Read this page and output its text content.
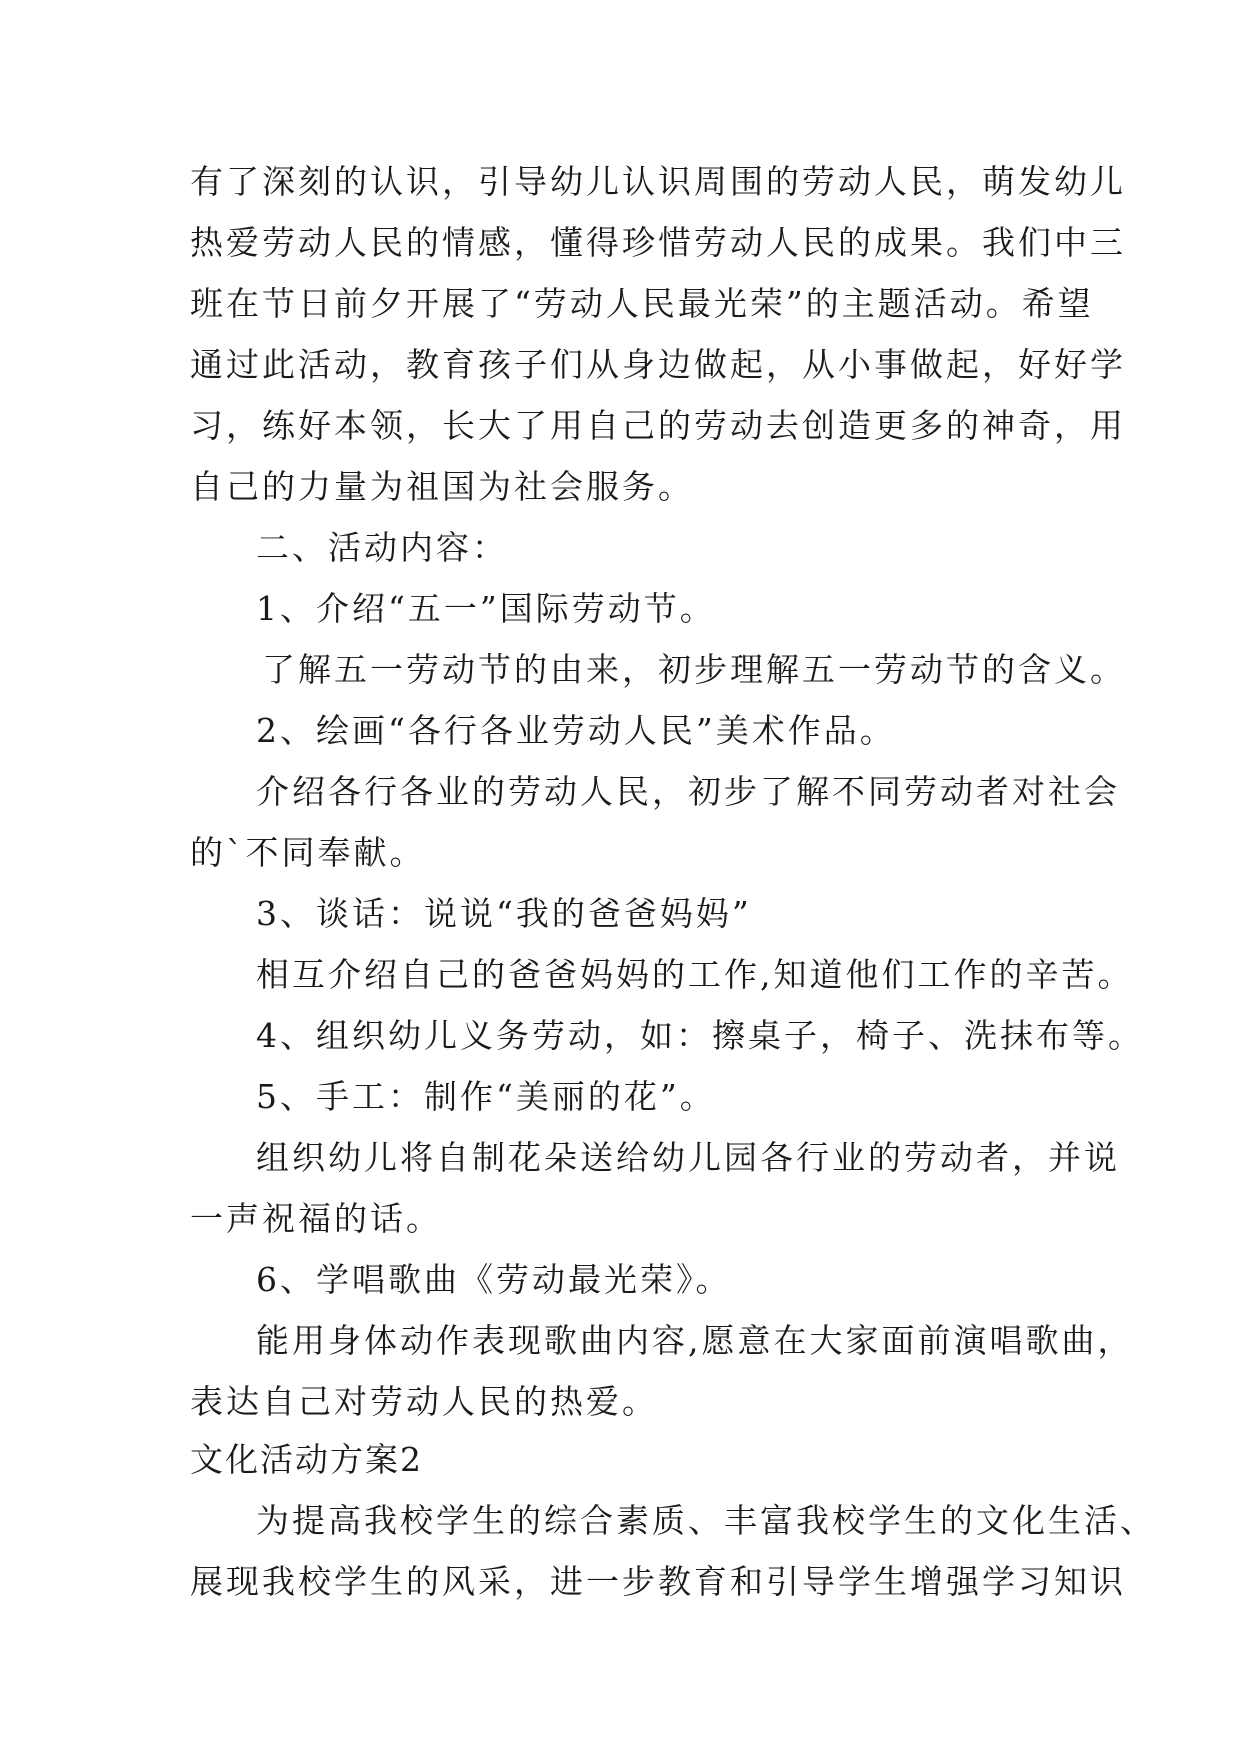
有了深刻的认识，引导幼儿认识周围的劳动人民，萌发幼儿
热爱劳动人民的情感，懂得珍惜劳动人民的成果。我们中三
班在节日前夕开展了“劳动人民最光荣”的主题活动。希望
通过此活动，教育孩子们从身边做起，从小事做起，好好学
习，练好本领，长大了用自己的劳动去创造更多的神奇，用
自己的力量为祖国为社会服务。
二、活动内容：
1、介绍“五一”国际劳动节。
了解五一劳动节的由来，初步理解五一劳动节的含义。
2、绘画“各行各业劳动人民”美术作品。
介绍各行各业的劳动人民，初步了解不同劳动者对社会
的`不同奉献。
3、谈话：说说“我的爸爸妈妈”
相互介绍自己的爸爸妈妈的工作,知道他们工作的辛苦。
4、组织幼儿义务劳动，如：擦桌子，椅子、洗抹布等。
5、手工：制作“美丽的花”。
组织幼儿将自制花朵送给幼儿园各行业的劳动者，并说
一声祝福的话。
6、学唱歌曲《劳动最光荣》。
能用身体动作表现歌曲内容,愿意在大家面前演唱歌曲，
表达自己对劳动人民的热爱。
文化活动方案2
为提高我校学生的综合素质、丰富我校学生的文化生活、
展现我校学生的风采，进一步教育和引导学生增强学习知识
